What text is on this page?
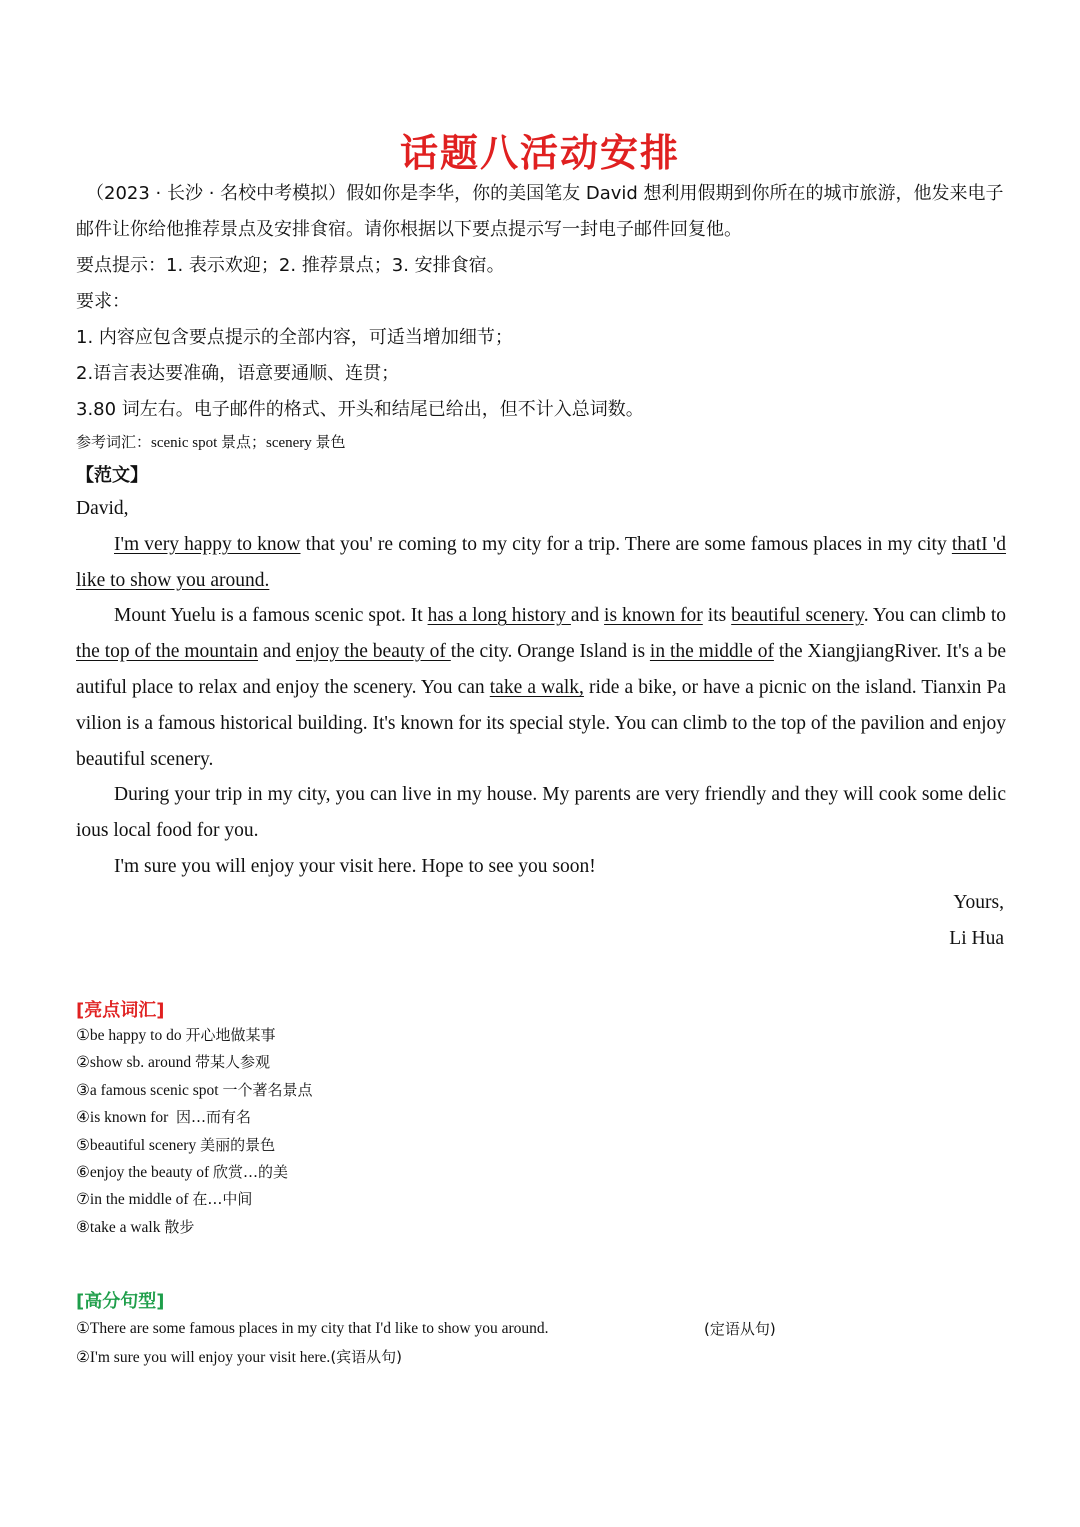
话题八活动安排

（2023 · 长沙 · 名校中考模拟）假如你是李华，你的美国笔友 David 想利用假期到你所在的城市旅游，他发来电子邮件让你给他推荐景点及安排食宿。请你根据以下要点提示写一封电子邮件回复他。

要点提示：1. 表示欢迎；2. 推荐景点；3. 安排食宿。

要求：

1. 内容应包含要点提示的全部内容，可适当增加细节；

2.语言表达要准确，语意要通顺、连贯；

3.80 词左右。电子邮件的格式、开头和结尾已给出，但不计入总词数。

参考词汇：scenic spot 景点；scenery 景色

【范文】

David,

I'm very happy to know that you' re coming to my city for a trip. There are some famous places in my city thatI 'd like to show you around.

Mount Yuelu is a famous scenic spot. It has a long history and is known for its beautiful scenery. You can climb to the top of the mountain and enjoy the beauty of the city. Orange Island is in the middle of the XiangjiangRiver. It's a beautiful place to relax and enjoy the scenery. You can take a walk, ride a bike, or have a picnic on the island. Tianxin Pavilion is a famous historical building. It's known for its special style. You can climb to the top of the pavilion and enjoy beautiful scenery.

During your trip in my city, you can live in my house. My parents are very friendly and they will cook some delicious local food for you.

I'm sure you will enjoy your visit here. Hope to see you soon!

Yours,

Li Hua

[亮点词汇]
①be happy to do 开心地做某事
②show sb. around 带某人参观
③a famous scenic spot 一个著名景点
④is known for  因…而有名
⑤beautiful scenery 美丽的景色
⑥enjoy the beauty of 欣赏…的美
⑦in the middle of 在…中间
⑧take a walk 散步
[高分句型]
①There are some famous places in my city that I'd like to show you around.	(定语从句)
②I'm sure you will enjoy your visit here.(宾语从句)
